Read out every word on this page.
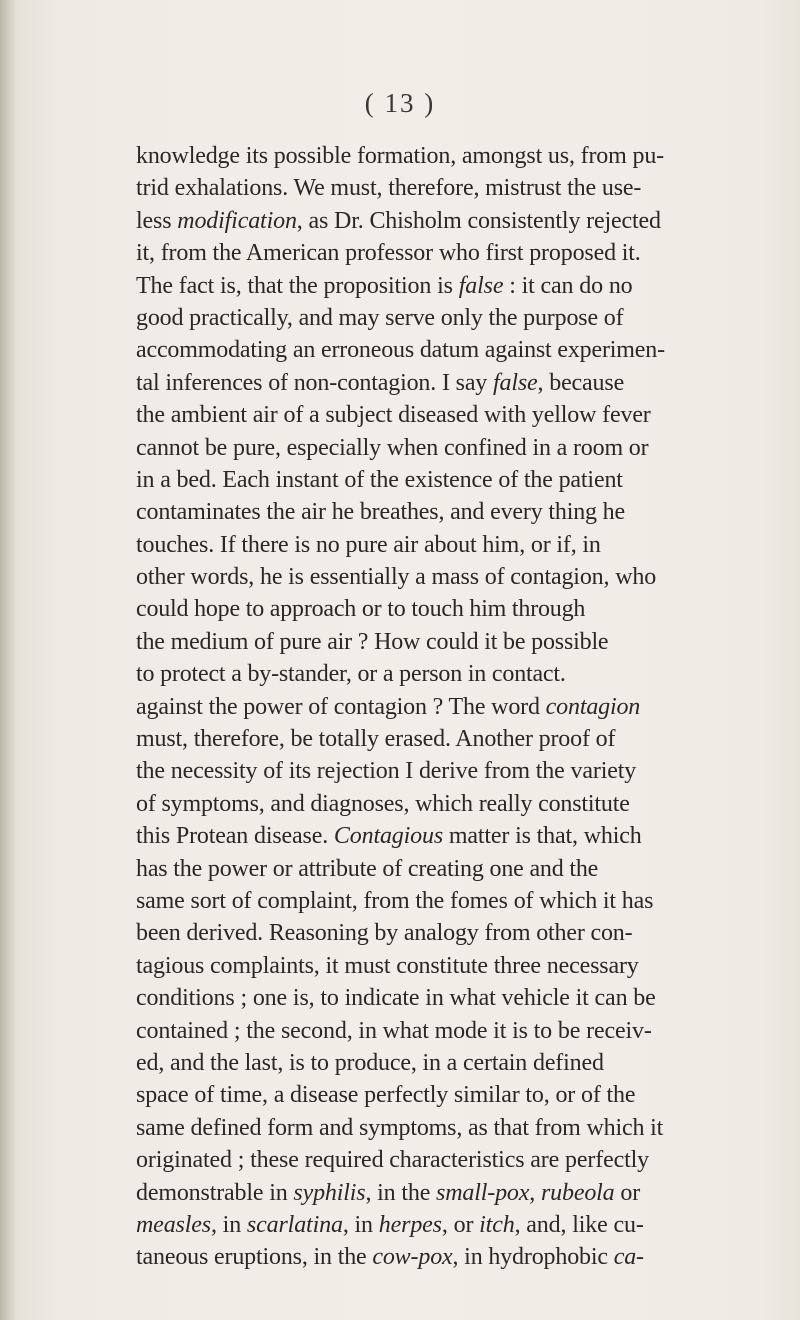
( 13 )
knowledge its possible formation, amongst us, from pu-
trid exhalations. We must, therefore, mistrust the use-
less modification, as Dr. Chisholm consistently rejected
it, from the American professor who first proposed it.
The fact is, that the proposition is false : it can do no
good practically, and may serve only the purpose of
accommodating an erroneous datum against experimen-
tal inferences of non-contagion. I say false, because
the ambient air of a subject diseased with yellow fever
cannot be pure, especially when confined in a room or
in a bed. Each instant of the existence of the patient
contaminates the air he breathes, and every thing he
touches. If there is no pure air about him, or if, in
other words, he is essentially a mass of contagion, who
could hope to approach or to touch him through
the medium of pure air ? How could it be possible
to protect a by-stander, or a person in contact.
against the power of contagion ? The word contagion
must, therefore, be totally erased. Another proof of
the necessity of its rejection I derive from the variety
of symptoms, and diagnoses, which really constitute
this Protean disease. Contagious matter is that, which
has the power or attribute of creating one and the
same sort of complaint, from the fomes of which it has
been derived. Reasoning by analogy from other con-
tagious complaints, it must constitute three necessary
conditions ; one is, to indicate in what vehicle it can be
contained ; the second, in what mode it is to be receiv-
ed, and the last, is to produce, in a certain defined
space of time, a disease perfectly similar to, or of the
same defined form and symptoms, as that from which it
originated ; these required characteristics are perfectly
demonstrable in syphilis, in the small-pox, rubeola or
measles, in scarlatina, in herpes, or itch, and, like cu-
taneous eruptions, in the cow-pox, in hydrophobic ca-
